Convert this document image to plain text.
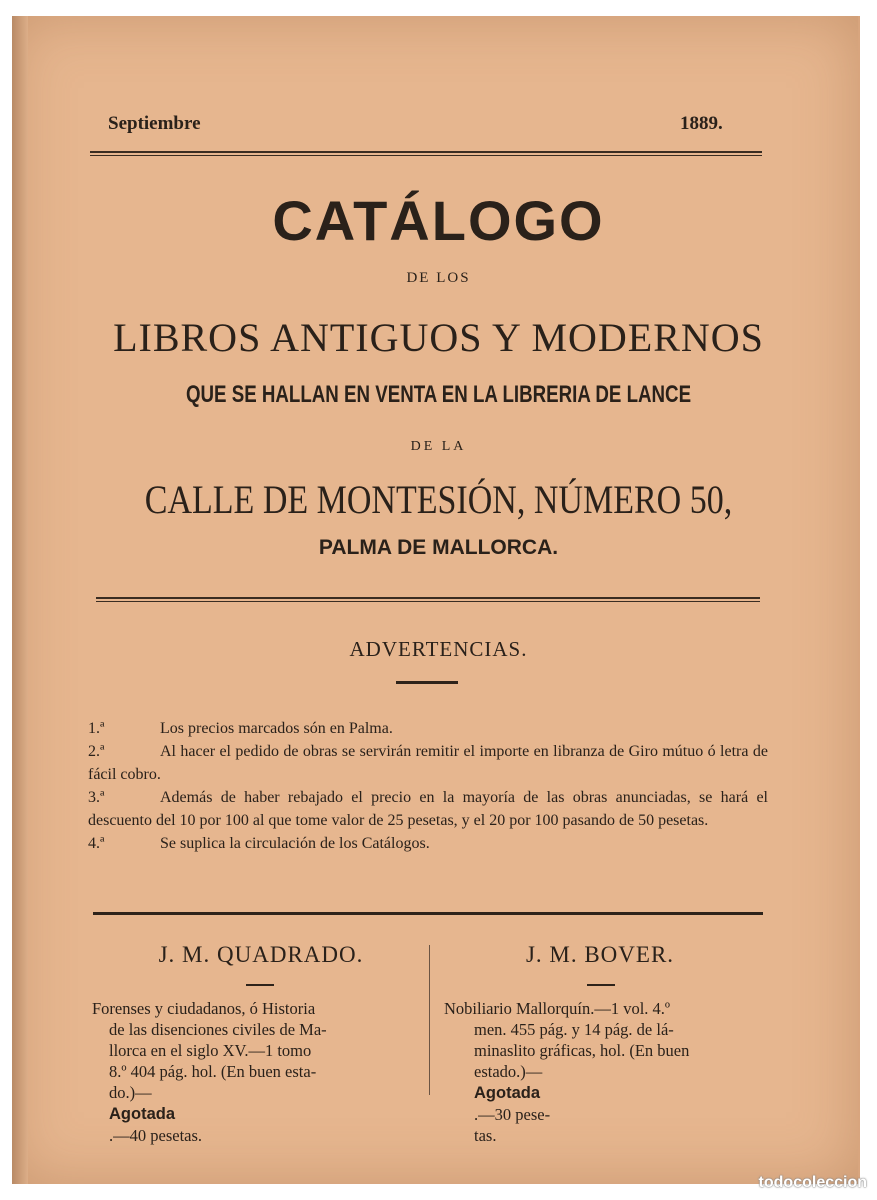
Septiembre	1889.
CATÁLOGO
DE LOS
LIBROS ANTIGUOS Y MODERNOS
QUE SE HALLAN EN VENTA EN LA LIBRERIA DE LANCE
DE LA
CALLE DE MONTESIÓN, NÚMERO 50,
PALMA DE MALLORCA.
ADVERTENCIAS.

1.ª	Los precios marcados són en Palma.

2.ª	Al hacer el pedido de obras se servirán remitir el importe en libranza de Giro mútuo ó letra de fácil cobro.

3.ª	Además de haber rebajado el precio en la mayoría de las obras anunciadas, se hará el descuento del 10 por 100 al que tome valor de 25 pesetas, y el 20 por 100 pasando de 50 pesetas.

4.ª	Se suplica la circulación de los Catálogos.

J. M. QUADRADO.
Forenses y ciudadanos, ó Historia
de las disenciones civiles de Ma-
llorca en el siglo XV.—1 tomo
8.º 404 pág. hol. (En buen esta-
do.)—
Agotada
.—40 pesetas.
J. M. BOVER.
Nobiliario Mallorquín.—1 vol. 4.º
men. 455 pág. y 14 pág. de lá-
minaslito gráficas, hol. (En buen
estado.)—
Agotada
.—30 pese-
tas.
todocoleccion
